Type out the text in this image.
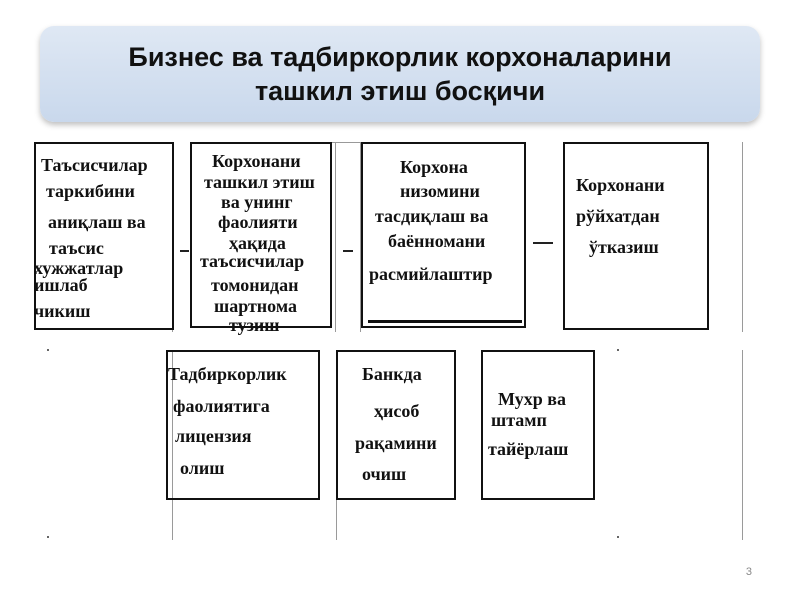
Бизнес ва тадбиркорлик корхоналарини
ташкил этиш босқичи
Таъсисчилар
таркибини
аниқлаш ва
таъсис
хужжатлар
ишлаб
чикиш
Корхонани
ташкил этиш
ва унинг
фаолияти
ҳақида
таъсисчилар
томонидан
шартнома
тузиш
Корхона
низомини
тасдиқлаш ва
баённомани
расмийлаштир
Корхонани
рўйхатдан
ўтказиш
Тадбиркорлик
фаолиятига
лицензия
олиш
Банкда
ҳисоб
рақамини
очиш
Мухр ва
штамп
тайёрлаш
3
